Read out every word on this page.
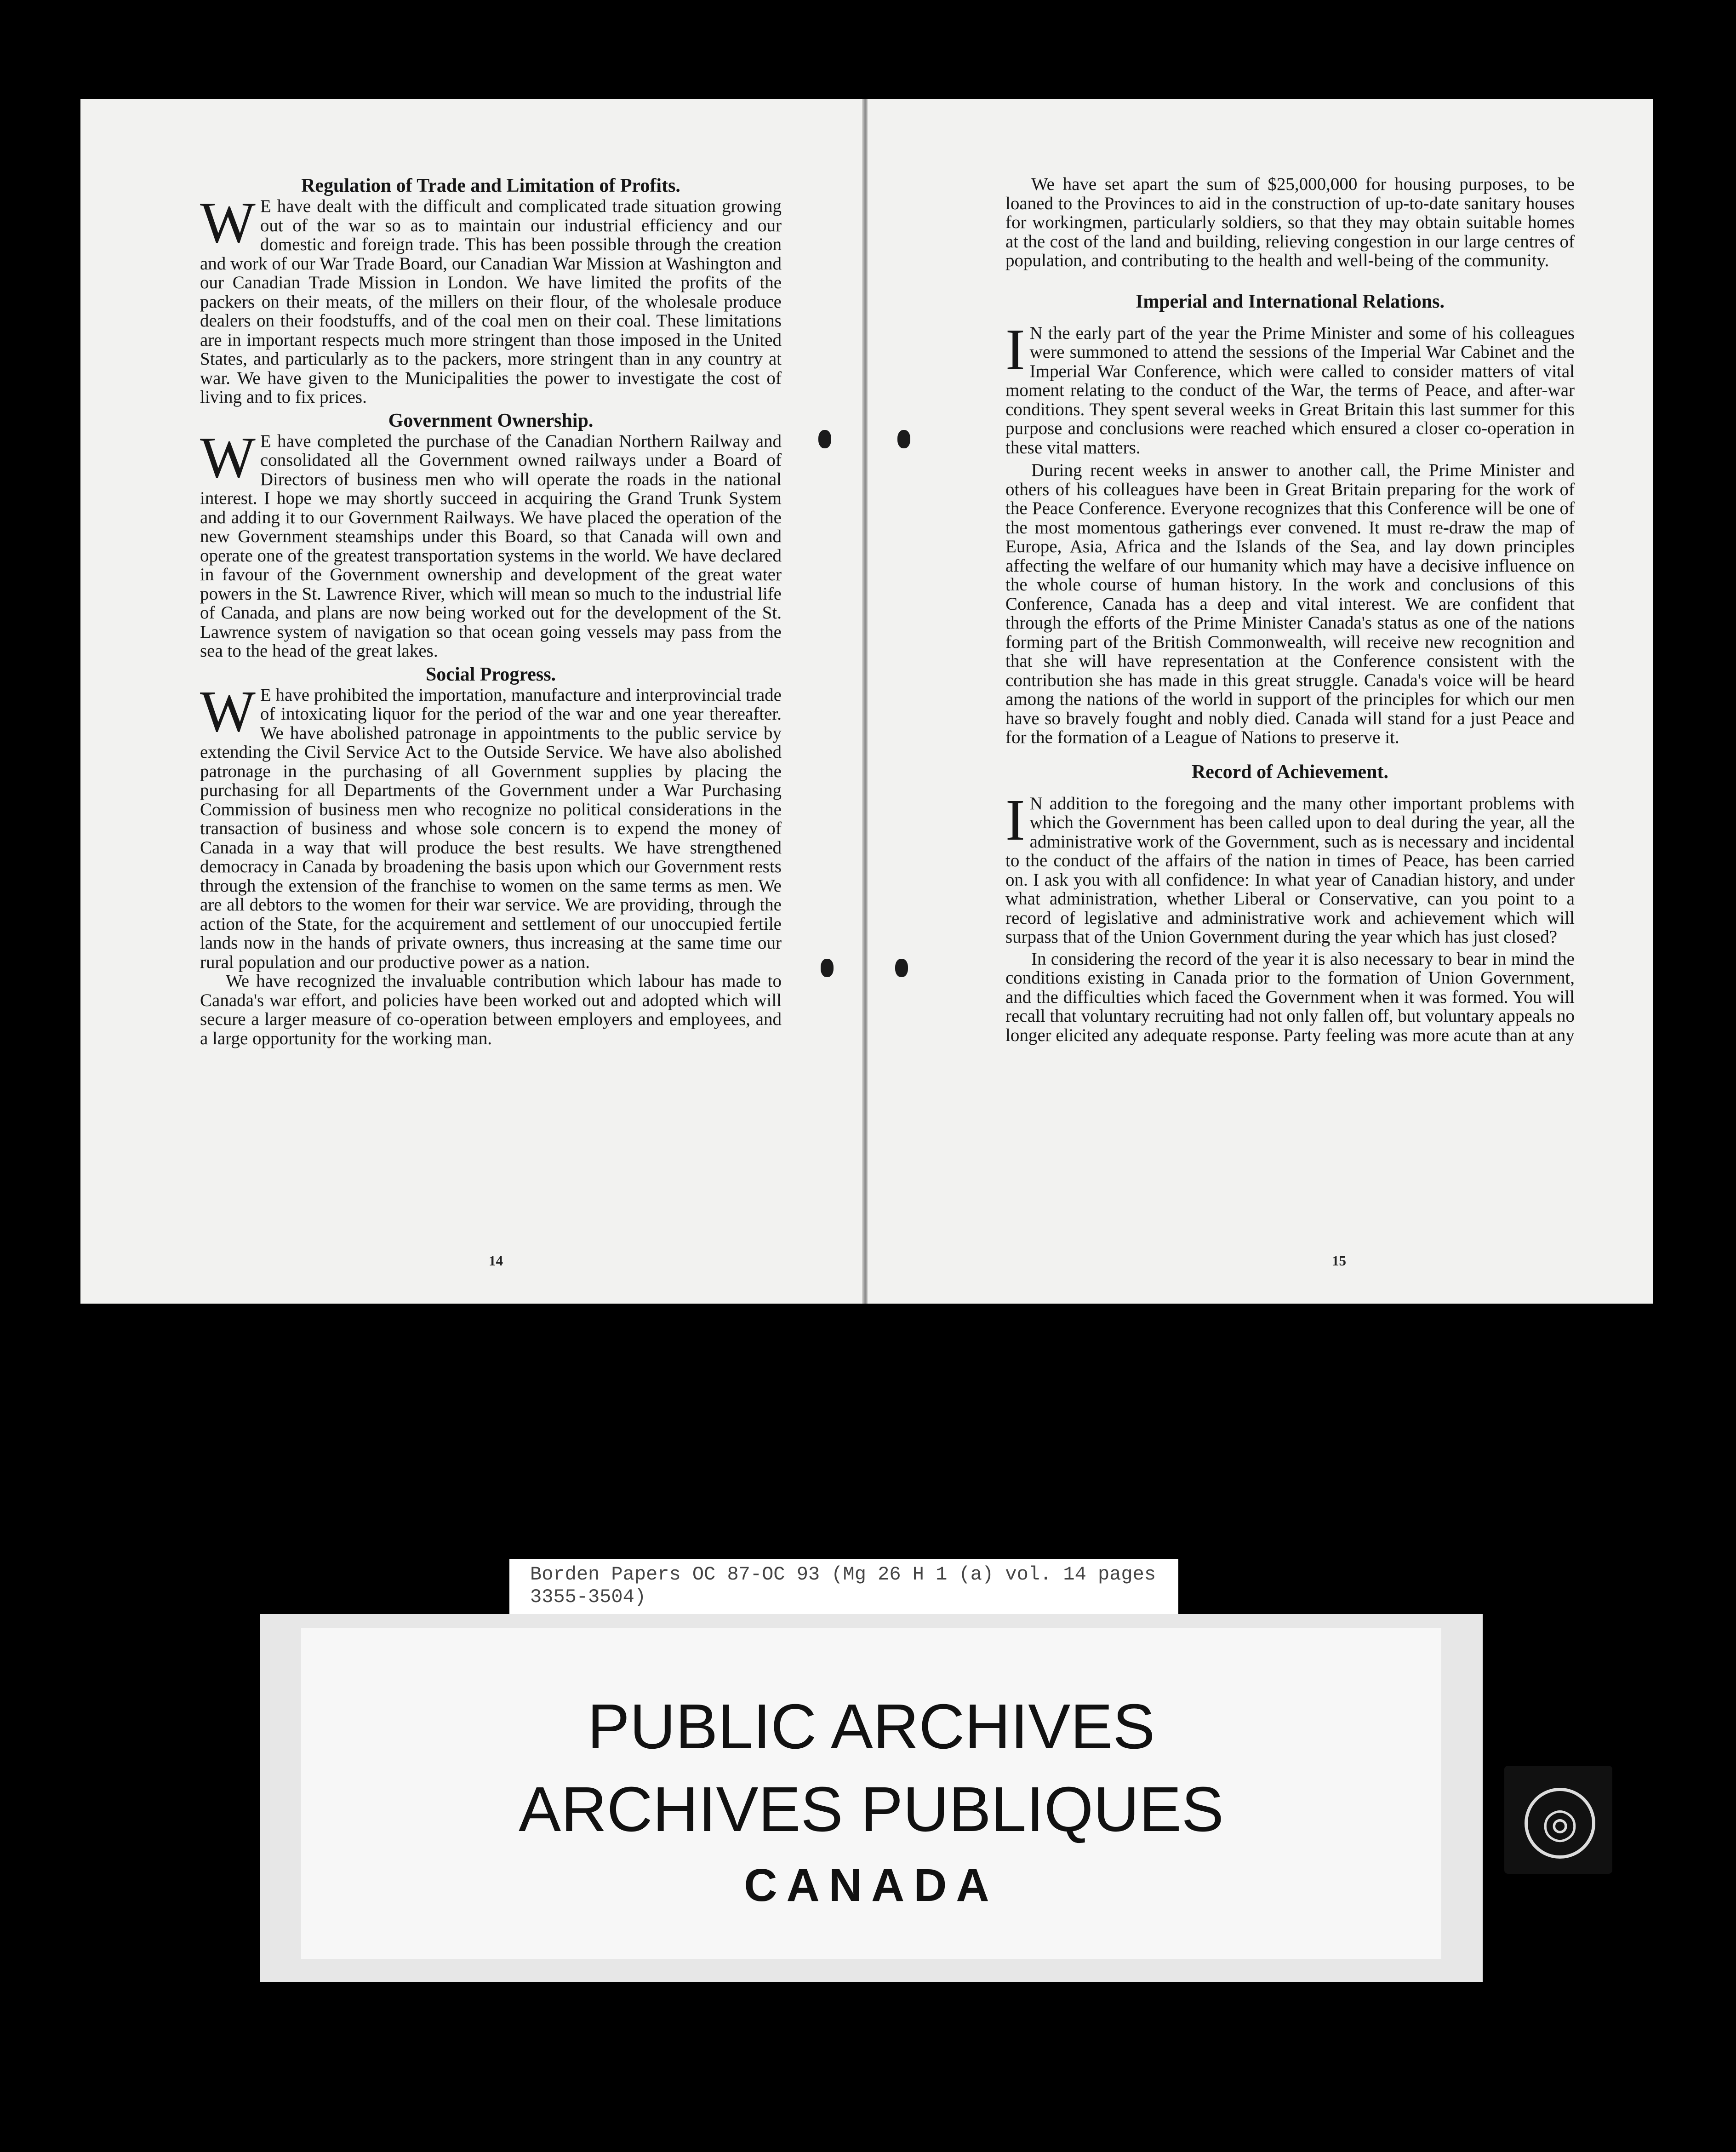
Regulation of Trade and Limitation of Profits.

WE have dealt with the difficult and complicated trade situation growing out of the war so as to maintain our industrial efficiency and our domestic and foreign trade. This has been possible through the creation and work of our War Trade Board, our Canadian War Mission at Washington and our Canadian Trade Mission in London. We have limited the profits of the packers on their meats, of the millers on their flour, of the wholesale produce dealers on their foodstuffs, and of the coal men on their coal. These limitations are in important respects much more stringent than those imposed in the United States, and particularly as to the packers, more stringent than in any country at war. We have given to the Municipalities the power to investigate the cost of living and to fix prices.

Government Ownership.

WE have completed the purchase of the Canadian Northern Railway and consolidated all the Government owned railways under a Board of Directors of business men who will operate the roads in the national interest. I hope we may shortly succeed in acquiring the Grand Trunk System and adding it to our Government Railways. We have placed the operation of the new Government steamships under this Board, so that Canada will own and operate one of the greatest transportation systems in the world. We have declared in favour of the Government ownership and development of the great water powers in the St. Lawrence River, which will mean so much to the industrial life of Canada, and plans are now being worked out for the development of the St. Lawrence system of navigation so that ocean going vessels may pass from the sea to the head of the great lakes.

Social Progress.

WE have prohibited the importation, manufacture and interprovincial trade of intoxicating liquor for the period of the war and one year thereafter. We have abolished patronage in appointments to the public service by extending the Civil Service Act to the Outside Service. We have also abolished patronage in the purchasing of all Government supplies by placing the purchasing for all Departments of the Government under a War Purchasing Commission of business men who recognize no political considerations in the transaction of business and whose sole concern is to expend the money of Canada in a way that will produce the best results. We have strengthened democracy in Canada by broadening the basis upon which our Government rests through the extension of the franchise to women on the same terms as men. We are all debtors to the women for their war service. We are providing, through the action of the State, for the acquirement and settlement of our unoccupied fertile lands now in the hands of private owners, thus increasing at the same time our rural population and our productive power as a nation.

We have recognized the invaluable contribution which labour has made to Canada's war effort, and policies have been worked out and adopted which will secure a larger measure of co-operation between employers and employees, and a large opportunity for the working man.

14

We have set apart the sum of $25,000,000 for housing purposes, to be loaned to the Provinces to aid in the construction of up-to-date sanitary houses for workingmen, particularly soldiers, so that they may obtain suitable homes at the cost of the land and building, relieving congestion in our large centres of population, and contributing to the health and well-being of the community.

Imperial and International Relations.

IN the early part of the year the Prime Minister and some of his colleagues were summoned to attend the sessions of the Imperial War Cabinet and the Imperial War Conference, which were called to consider matters of vital moment relating to the conduct of the War, the terms of Peace, and after-war conditions. They spent several weeks in Great Britain this last summer for this purpose and conclusions were reached which ensured a closer co-operation in these vital matters.

During recent weeks in answer to another call, the Prime Minister and others of his colleagues have been in Great Britain preparing for the work of the Peace Conference. Everyone recognizes that this Conference will be one of the most momentous gatherings ever convened. It must re-draw the map of Europe, Asia, Africa and the Islands of the Sea, and lay down principles affecting the welfare of our humanity which may have a decisive influence on the whole course of human history. In the work and conclusions of this Conference, Canada has a deep and vital interest. We are confident that through the efforts of the Prime Minister Canada's status as one of the nations forming part of the British Commonwealth, will receive new recognition and that she will have representation at the Conference consistent with the contribution she has made in this great struggle. Canada's voice will be heard among the nations of the world in support of the principles for which our men have so bravely fought and nobly died. Canada will stand for a just Peace and for the formation of a League of Nations to preserve it.

Record of Achievement.

IN addition to the foregoing and the many other important problems with which the Government has been called upon to deal during the year, all the administrative work of the Government, such as is necessary and incidental to the conduct of the affairs of the nation in times of Peace, has been carried on. I ask you with all confidence: In what year of Canadian history, and under what administration, whether Liberal or Conservative, can you point to a record of legislative and administrative work and achievement which will surpass that of the Union Government during the year which has just closed?

In considering the record of the year it is also necessary to bear in mind the conditions existing in Canada prior to the formation of Union Government, and the difficulties which faced the Government when it was formed. You will recall that voluntary recruiting had not only fallen off, but voluntary appeals no longer elicited any adequate response. Party feeling was more acute than at any

15
Borden Papers OC 87-OC 93 (Mg 26 H 1 (a) vol. 14 pages 3355-3504)
PUBLIC ARCHIVES
ARCHIVES PUBLIQUES
CANADA
◎
